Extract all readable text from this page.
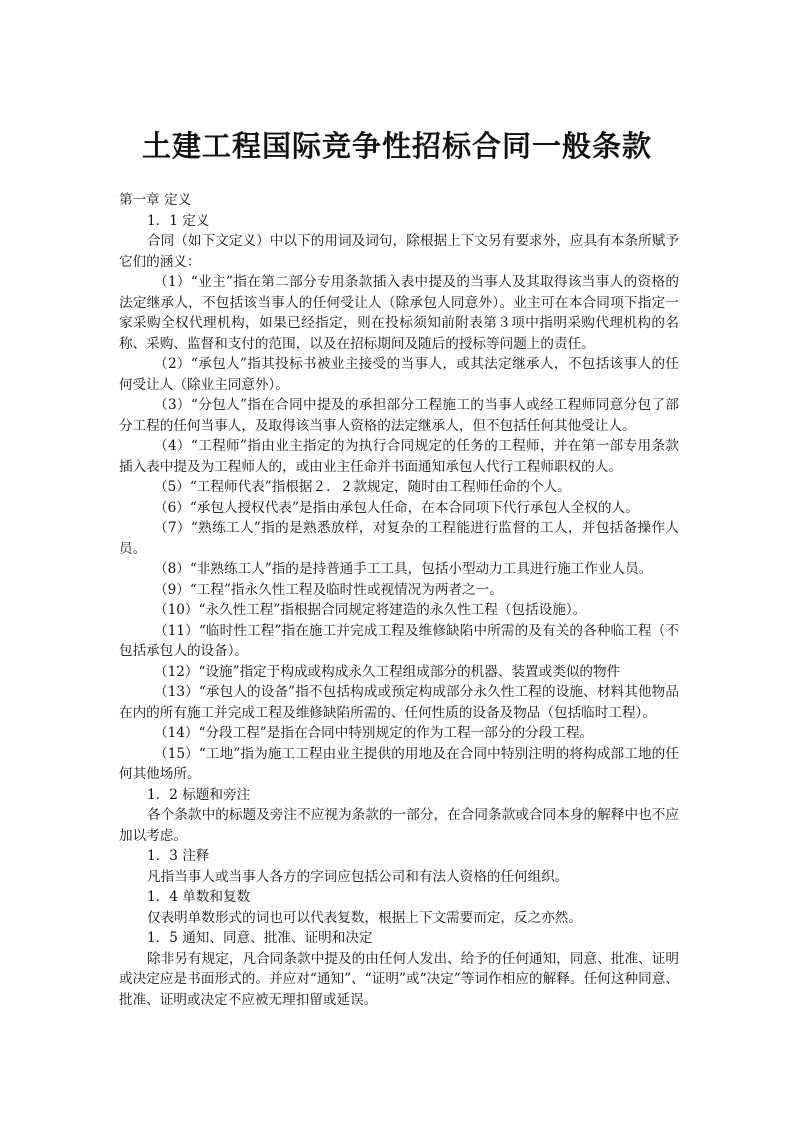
土建工程国际竞争性招标合同一般条款

第一章 定义

1．1 定义

合同（如下文定义）中以下的用词及词句，除根据上下文另有要求外，应具有本条所赋予它们的涵义：

（1）“业主”指在第二部分专用条款插入表中提及的当事人及其取得该当事人的资格的法定继承人，不包括该当事人的任何受让人（除承包人同意外）。业主可在本合同项下指定一家采购全权代理机构，如果已经指定，则在投标须知前附表第３项中指明采购代理机构的名称、采购、监督和支付的范围，以及在招标期间及随后的授标等问题上的责任。

（2）“承包人”指其投标书被业主接受的当事人，或其法定继承人，不包括该事人的任何受让人（除业主同意外）。

（3）“分包人”指在合同中提及的承担部分工程施工的当事人或经工程师同意分包了部分工程的任何当事人，及取得该当事人资格的法定继承人，但不包括任何其他受让人。

（4）“工程师”指由业主指定的为执行合同规定的任务的工程师，并在第一部专用条款插入表中提及为工程师人的，或由业主任命并书面通知承包人代行工程师职权的人。

（5）“工程师代表”指根据２．２款规定，随时由工程师任命的个人。

（6）“承包人授权代表”是指由承包人任命，在本合同项下代行承包人全权的人。

（7）“熟练工人”指的是熟悉放样，对复杂的工程能进行监督的工人，并包括备操作人员。

（8）“非熟练工人”指的是持普通手工工具，包括小型动力工具进行施工作业人员。

（9）“工程”指永久性工程及临时性或视情况为两者之一。

（10）“永久性工程”指根据合同规定将建造的永久性工程（包括设施）。

（11）“临时性工程”指在施工并完成工程及维修缺陷中所需的及有关的各种临工程（不包括承包人的设备）。

（12）“设施”指定于构成或构成永久工程组成部分的机器、装置或类似的物件

（13）“承包人的设备”指不包括构成或预定构成部分永久性工程的设施、材料其他物品在内的所有施工并完成工程及维修缺陷所需的、任何性质的设备及物品（包括临时工程）。

（14）“分段工程”是指在合同中特别规定的作为工程一部分的分段工程。

（15）“工地”指为施工工程由业主提供的用地及在合同中特别注明的将构成部工地的任何其他场所。

1．2 标题和旁注

各个条款中的标题及旁注不应视为条款的一部分，在合同条款或合同本身的解释中也不应加以考虑。

1．3 注释

凡指当事人或当事人各方的字词应包括公司和有法人资格的任何组织。

1．4 单数和复数

仅表明单数形式的词也可以代表复数，根据上下文需要而定，反之亦然。

1．5 通知、同意、批准、证明和决定

除非另有规定，凡合同条款中提及的由任何人发出、给予的任何通知，同意、批准、证明或决定应是书面形式的。并应对“通知”、“证明”或“决定”等词作相应的解释。任何这种同意、批准、证明或决定不应被无理扣留或延误。
